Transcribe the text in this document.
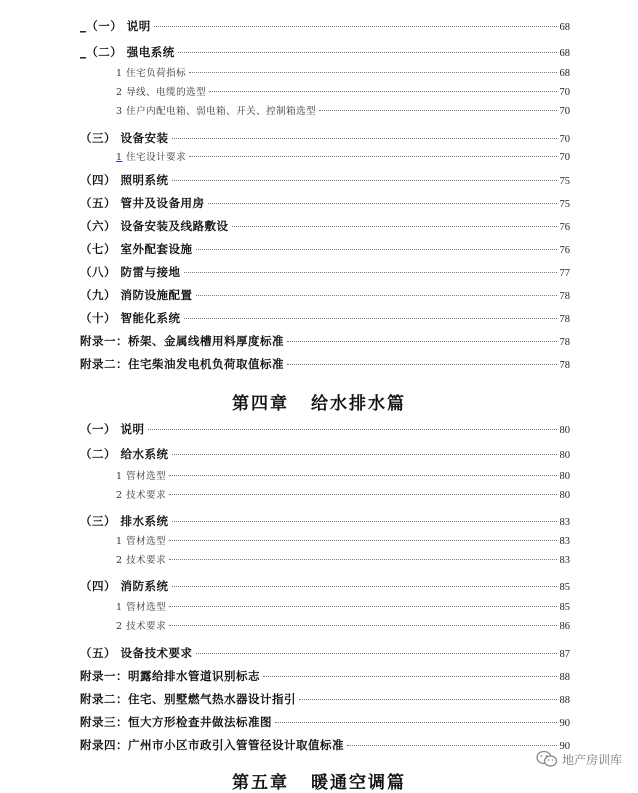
_（一） 说明	68
_（二） 强电系统	68
1 住宅负荷指标	68
2 导线、电缆的选型	70
3 住户内配电箱、弱电箱、开关、控制箱选型	70
（三） 设备安装	70
1 住宅设计要求	70
（四） 照明系统	75
（五） 管井及设备用房	75
（六） 设备安装及线路敷设	76
（七） 室外配套设施	76
（八） 防雷与接地	77
（九） 消防设施配置	78
（十） 智能化系统	78
附录一：桥架、金属线槽用料厚度标准	78
附录二：住宅柴油发电机负荷取值标准	78
第四章 给水排水篇
（一） 说明	80
（二） 给水系统	80
1 管材选型	80
2 技术要求	80
（三） 排水系统	83
1 管材选型	83
2 技术要求	83
（四） 消防系统	85
1 管材选型	85
2 技术要求	86
（五） 设备技术要求	87
附录一：明露给排水管道识别标志	88
附录二：住宅、别墅燃气热水器设计指引	88
附录三：恒大方形检查井做法标准图	90
附录四：广州市小区市政引入管管径设计取值标准	90
第五章 暖通空调篇
地产房训库
